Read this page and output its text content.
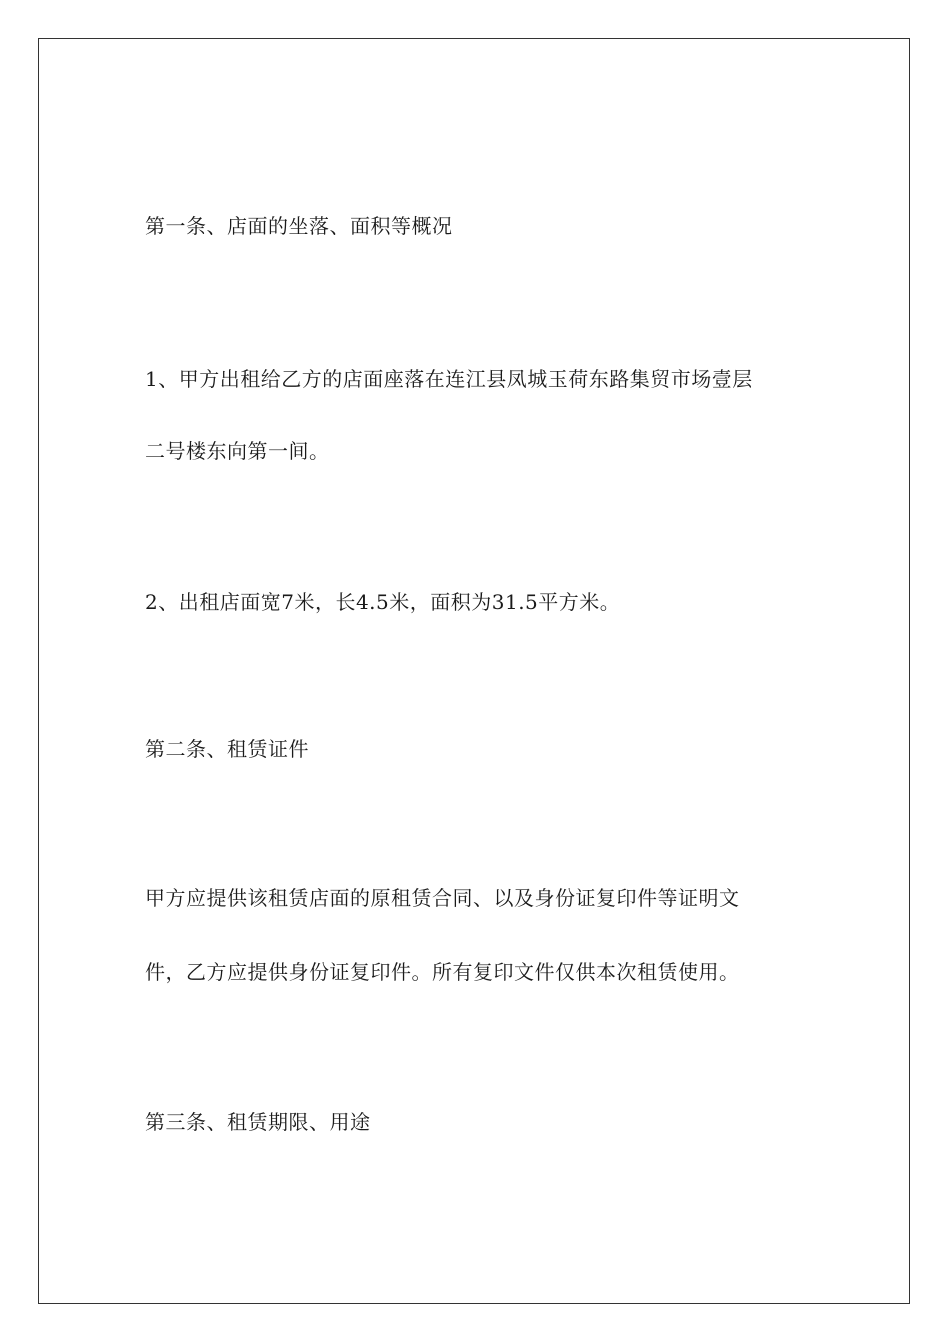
第一条、店面的坐落、面积等概况
1、甲方出租给乙方的店面座落在连江县凤城玉荷东路集贸市场壹层
二号楼东向第一间。
2、出租店面宽7米，长4.5米，面积为31.5平方米。
第二条、租赁证件
甲方应提供该租赁店面的原租赁合同、以及身份证复印件等证明文
件，乙方应提供身份证复印件。所有复印文件仅供本次租赁使用。
第三条、租赁期限、用途
